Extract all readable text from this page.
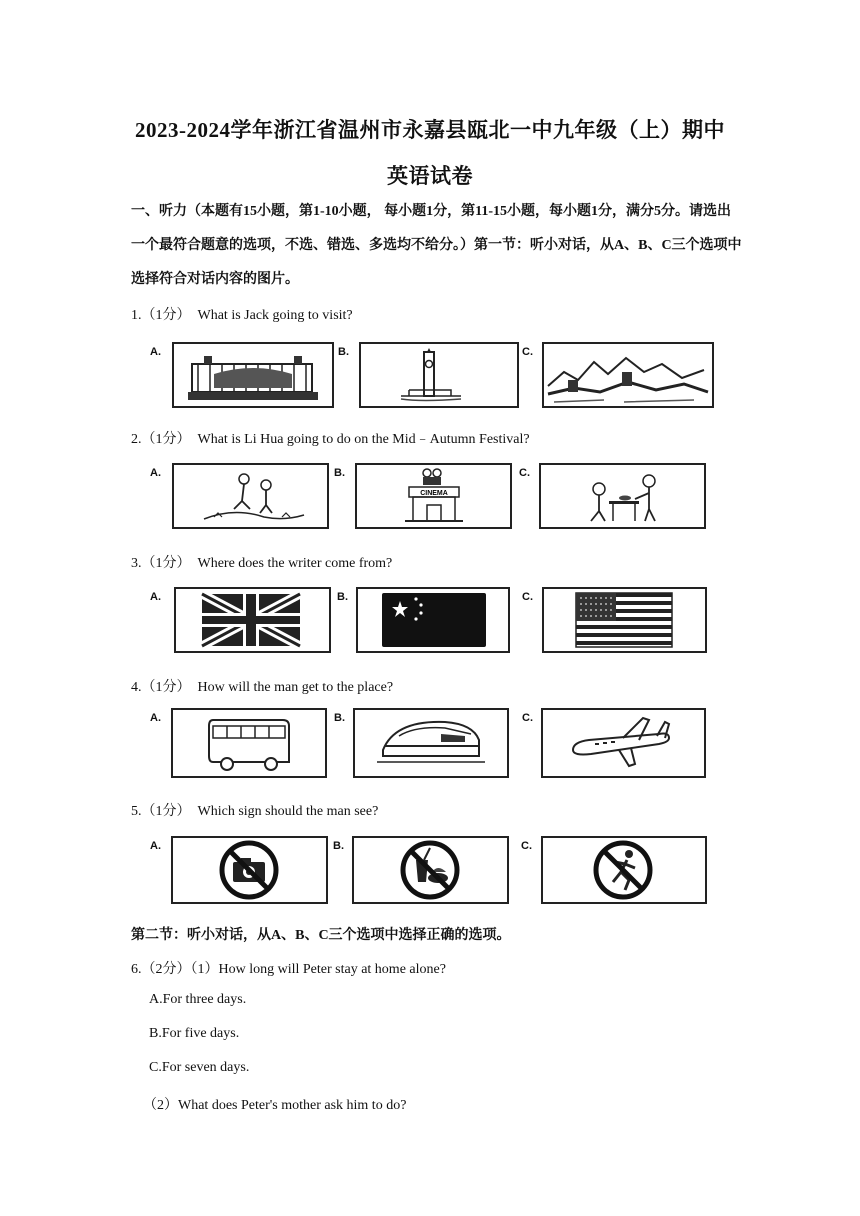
2023-2024学年浙江省温州市永嘉县瓯北一中九年级（上）期中
英语试卷
一、听力（本题有15小题，第1-10小题， 每小题1分，第11-15小题，每小题1分，满分5分。请选出一个最符合题意的选项，不选、错选、多选均不给分。）第一节：听小对话，从A、B、C三个选项中选择符合对话内容的图片。
1.（1分） What is Jack going to visit?
A.	B.	C.
2.（1分） What is Li Hua going to do on the Mid﹣Autumn Festival?
A.	B.
CINEMA
C.
3.（1分） Where does the writer come from?
A.	B.	C.
4.（1分） How will the man get to the place?
A.	B.	C.
5.（1分） Which sign should the man see?
A.	B.	C.
第二节：听小对话，从A、B、C三个选项中选择正确的选项。
6.（2分）（1）How long will Peter stay at home alone?
A.For three days.
B.For five days.
C.For seven days.
（2）What does Peter's mother ask him to do?
